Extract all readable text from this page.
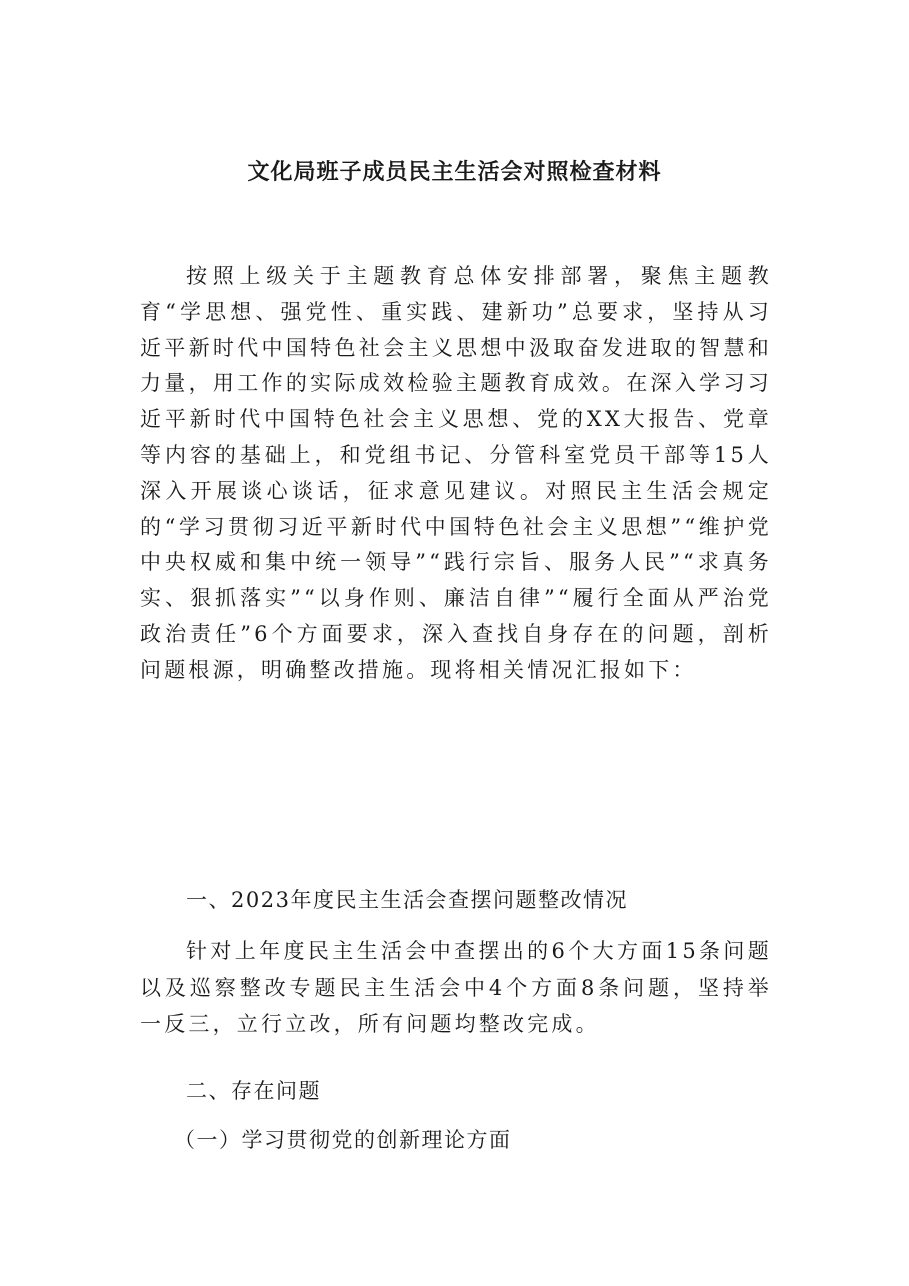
文化局班子成员民主生活会对照检查材料

按照上级关于主题教育总体安排部署，聚焦主题教育“学思想、强党性、重实践、建新功”总要求，坚持从习近平新时代中国特色社会主义思想中汲取奋发进取的智慧和力量，用工作的实际成效检验主题教育成效。在深入学习习近平新时代中国特色社会主义思想、党的XX大报告、党章等内容的基础上，和党组书记、分管科室党员干部等15人深入开展谈心谈话，征求意见建议。对照民主生活会规定的“学习贯彻习近平新时代中国特色社会主义思想”“维护党中央权威和集中统一领导”“践行宗旨、服务人民”“求真务实、狠抓落实”“以身作则、廉洁自律”“履行全面从严治党政治责任”6个方面要求，深入查找自身存在的问题，剖析问题根源，明确整改措施。现将相关情况汇报如下：

一、2023年度民主生活会查摆问题整改情况

针对上年度民主生活会中查摆出的6个大方面15条问题以及巡察整改专题民主生活会中4个方面8条问题，坚持举一反三，立行立改，所有问题均整改完成。

二、存在问题

（一）学习贯彻党的创新理论方面
